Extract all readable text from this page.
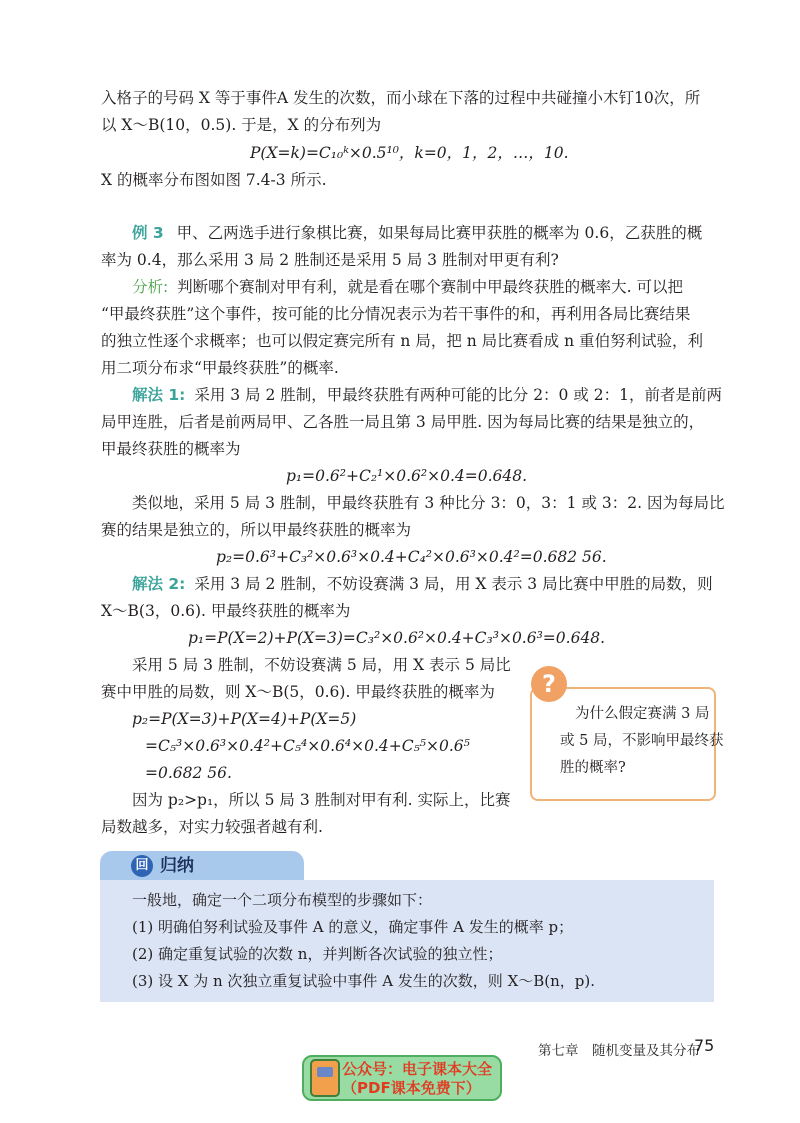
入格子的号码 X 等于事件A 发生的次数，而小球在下落的过程中共碰撞小木钉10次，所
以 X～B(10，0.5). 于是，X 的分布列为
P(X=k)=C₁₀ᵏ×0.5¹⁰，k=0，1，2，…，10.
X 的概率分布图如图 7.4-3 所示.
例 3 甲、乙两选手进行象棋比赛，如果每局比赛甲获胜的概率为 0.6，乙获胜的概
率为 0.4，那么采用 3 局 2 胜制还是采用 5 局 3 胜制对甲更有利?
分析: 判断哪个赛制对甲有利，就是看在哪个赛制中甲最终获胜的概率大. 可以把
“甲最终获胜”这个事件，按可能的比分情况表示为若干事件的和，再利用各局比赛结果
的独立性逐个求概率；也可以假定赛完所有 n 局，把 n 局比赛看成 n 重伯努利试验，利
用二项分布求“甲最终获胜”的概率.
解法 1: 采用 3 局 2 胜制，甲最终获胜有两种可能的比分 2：0 或 2：1，前者是前两
局甲连胜，后者是前两局甲、乙各胜一局且第 3 局甲胜. 因为每局比赛的结果是独立的，
甲最终获胜的概率为
p₁=0.6²+C₂¹×0.6²×0.4=0.648.
类似地，采用 5 局 3 胜制，甲最终获胜有 3 种比分 3：0，3：1 或 3：2. 因为每局比
赛的结果是独立的，所以甲最终获胜的概率为
p₂=0.6³+C₃²×0.6³×0.4+C₄²×0.6³×0.4²=0.682 56.
解法 2: 采用 3 局 2 胜制，不妨设赛满 3 局，用 X 表示 3 局比赛中甲胜的局数，则
X～B(3，0.6). 甲最终获胜的概率为
p₁=P(X=2)+P(X=3)=C₃²×0.6²×0.4+C₃³×0.6³=0.648.
采用 5 局 3 胜制，不妨设赛满 5 局，用 X 表示 5 局比
赛中甲胜的局数，则 X～B(5，0.6). 甲最终获胜的概率为
p₂=P(X=3)+P(X=4)+P(X=5)
=C₅³×0.6³×0.4²+C₅⁴×0.6⁴×0.4+C₅⁵×0.6⁵
=0.682 56.
因为 p₂>p₁，所以 5 局 3 胜制对甲有利. 实际上，比赛
局数越多，对实力较强者越有利.
?
为什么假定赛满 3 局
或 5 局，不影响甲最终获
胜的概率?
回 归纳
一般地，确定一个二项分布模型的步骤如下：
(1) 明确伯努利试验及事件 A 的意义，确定事件 A 发生的概率 p；
(2) 确定重复试验的次数 n，并判断各次试验的独立性；
(3) 设 X 为 n 次独立重复试验中事件 A 发生的次数，则 X～B(n，p).
第七章　随机变量及其分布
75
公众号：电子课本大全
（PDF课本免费下）
